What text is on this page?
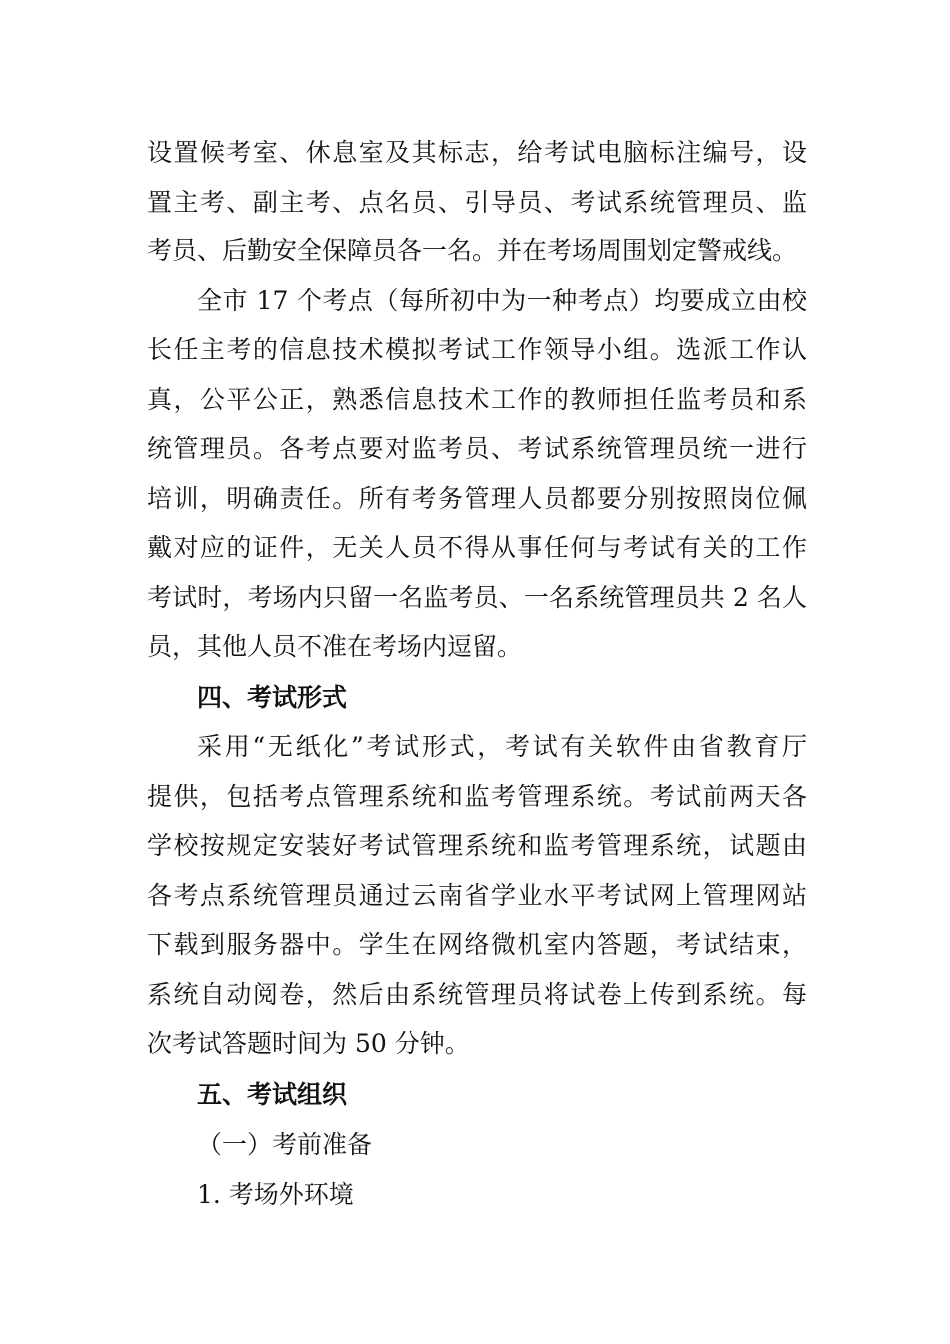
设置候考室、休息室及其标志，给考试电脑标注编号，设
置主考、副主考、点名员、引导员、考试系统管理员、监
考员、后勤安全保障员各一名。并在考场周围划定警戒线。
全市 17 个考点（每所初中为一种考点）均要成立由校
长任主考的信息技术模拟考试工作领导小组。选派工作认
真，公平公正，熟悉信息技术工作的教师担任监考员和系
统管理员。各考点要对监考员、考试系统管理员统一进行
培训，明确责任。所有考务管理人员都要分别按照岗位佩
戴对应的证件，无关人员不得从事任何与考试有关的工作
考试时，考场内只留一名监考员、一名系统管理员共 2 名人
员，其他人员不准在考场内逗留。
四、考试形式
采用“无纸化”考试形式，考试有关软件由省教育厅
提供，包括考点管理系统和监考管理系统。考试前两天各
学校按规定安装好考试管理系统和监考管理系统，试题由
各考点系统管理员通过云南省学业水平考试网上管理网站
下载到服务器中。学生在网络微机室内答题，考试结束，
系统自动阅卷，然后由系统管理员将试卷上传到系统。每
次考试答题时间为 50 分钟。
五、考试组织
（一）考前准备
1. 考场外环境
